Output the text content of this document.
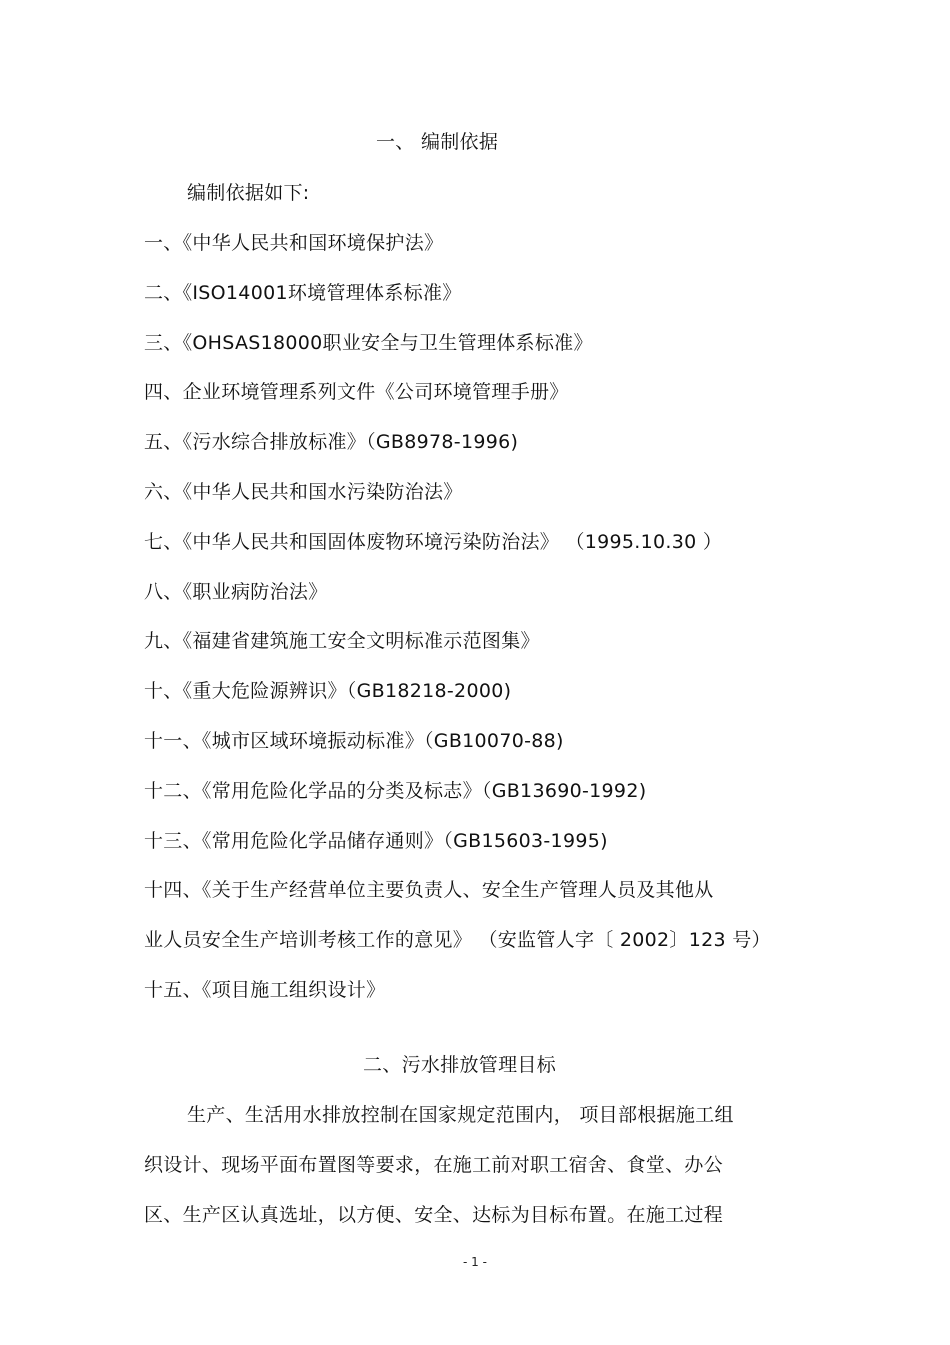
一、 编制依据
编制依据如下:
一、《中华人民共和国环境保护法》
二、《ISO14001环境管理体系标准》
三、《OHSAS18000职业安全与卫生管理体系标准》
四、企业环境管理系列文件《公司环境管理手册》
五、《污水综合排放标准》（GB8978-1996)
六、《中华人民共和国水污染防治法》
七、《中华人民共和国固体废物环境污染防治法》 （1995.10.30 ）
八、《职业病防治法》
九、《福建省建筑施工安全文明标准示范图集》
十、《重大危险源辨识》（GB18218-2000)
十一、《城市区域环境振动标准》（GB10070-88)
十二、《常用危险化学品的分类及标志》（GB13690-1992)
十三、《常用危险化学品储存通则》（GB15603-1995)
十四、《关于生产经营单位主要负责人、安全生产管理人员及其他从
业人员安全生产培训考核工作的意见》 （安监管人字〔 2002〕123 号）
十五、《项目施工组织设计》
二、污水排放管理目标
生产、生活用水排放控制在国家规定范围内， 项目部根据施工组
织设计、现场平面布置图等要求，在施工前对职工宿舍、食堂、办公
区、生产区认真选址，以方便、安全、达标为目标布置。在施工过程
- 1 -
